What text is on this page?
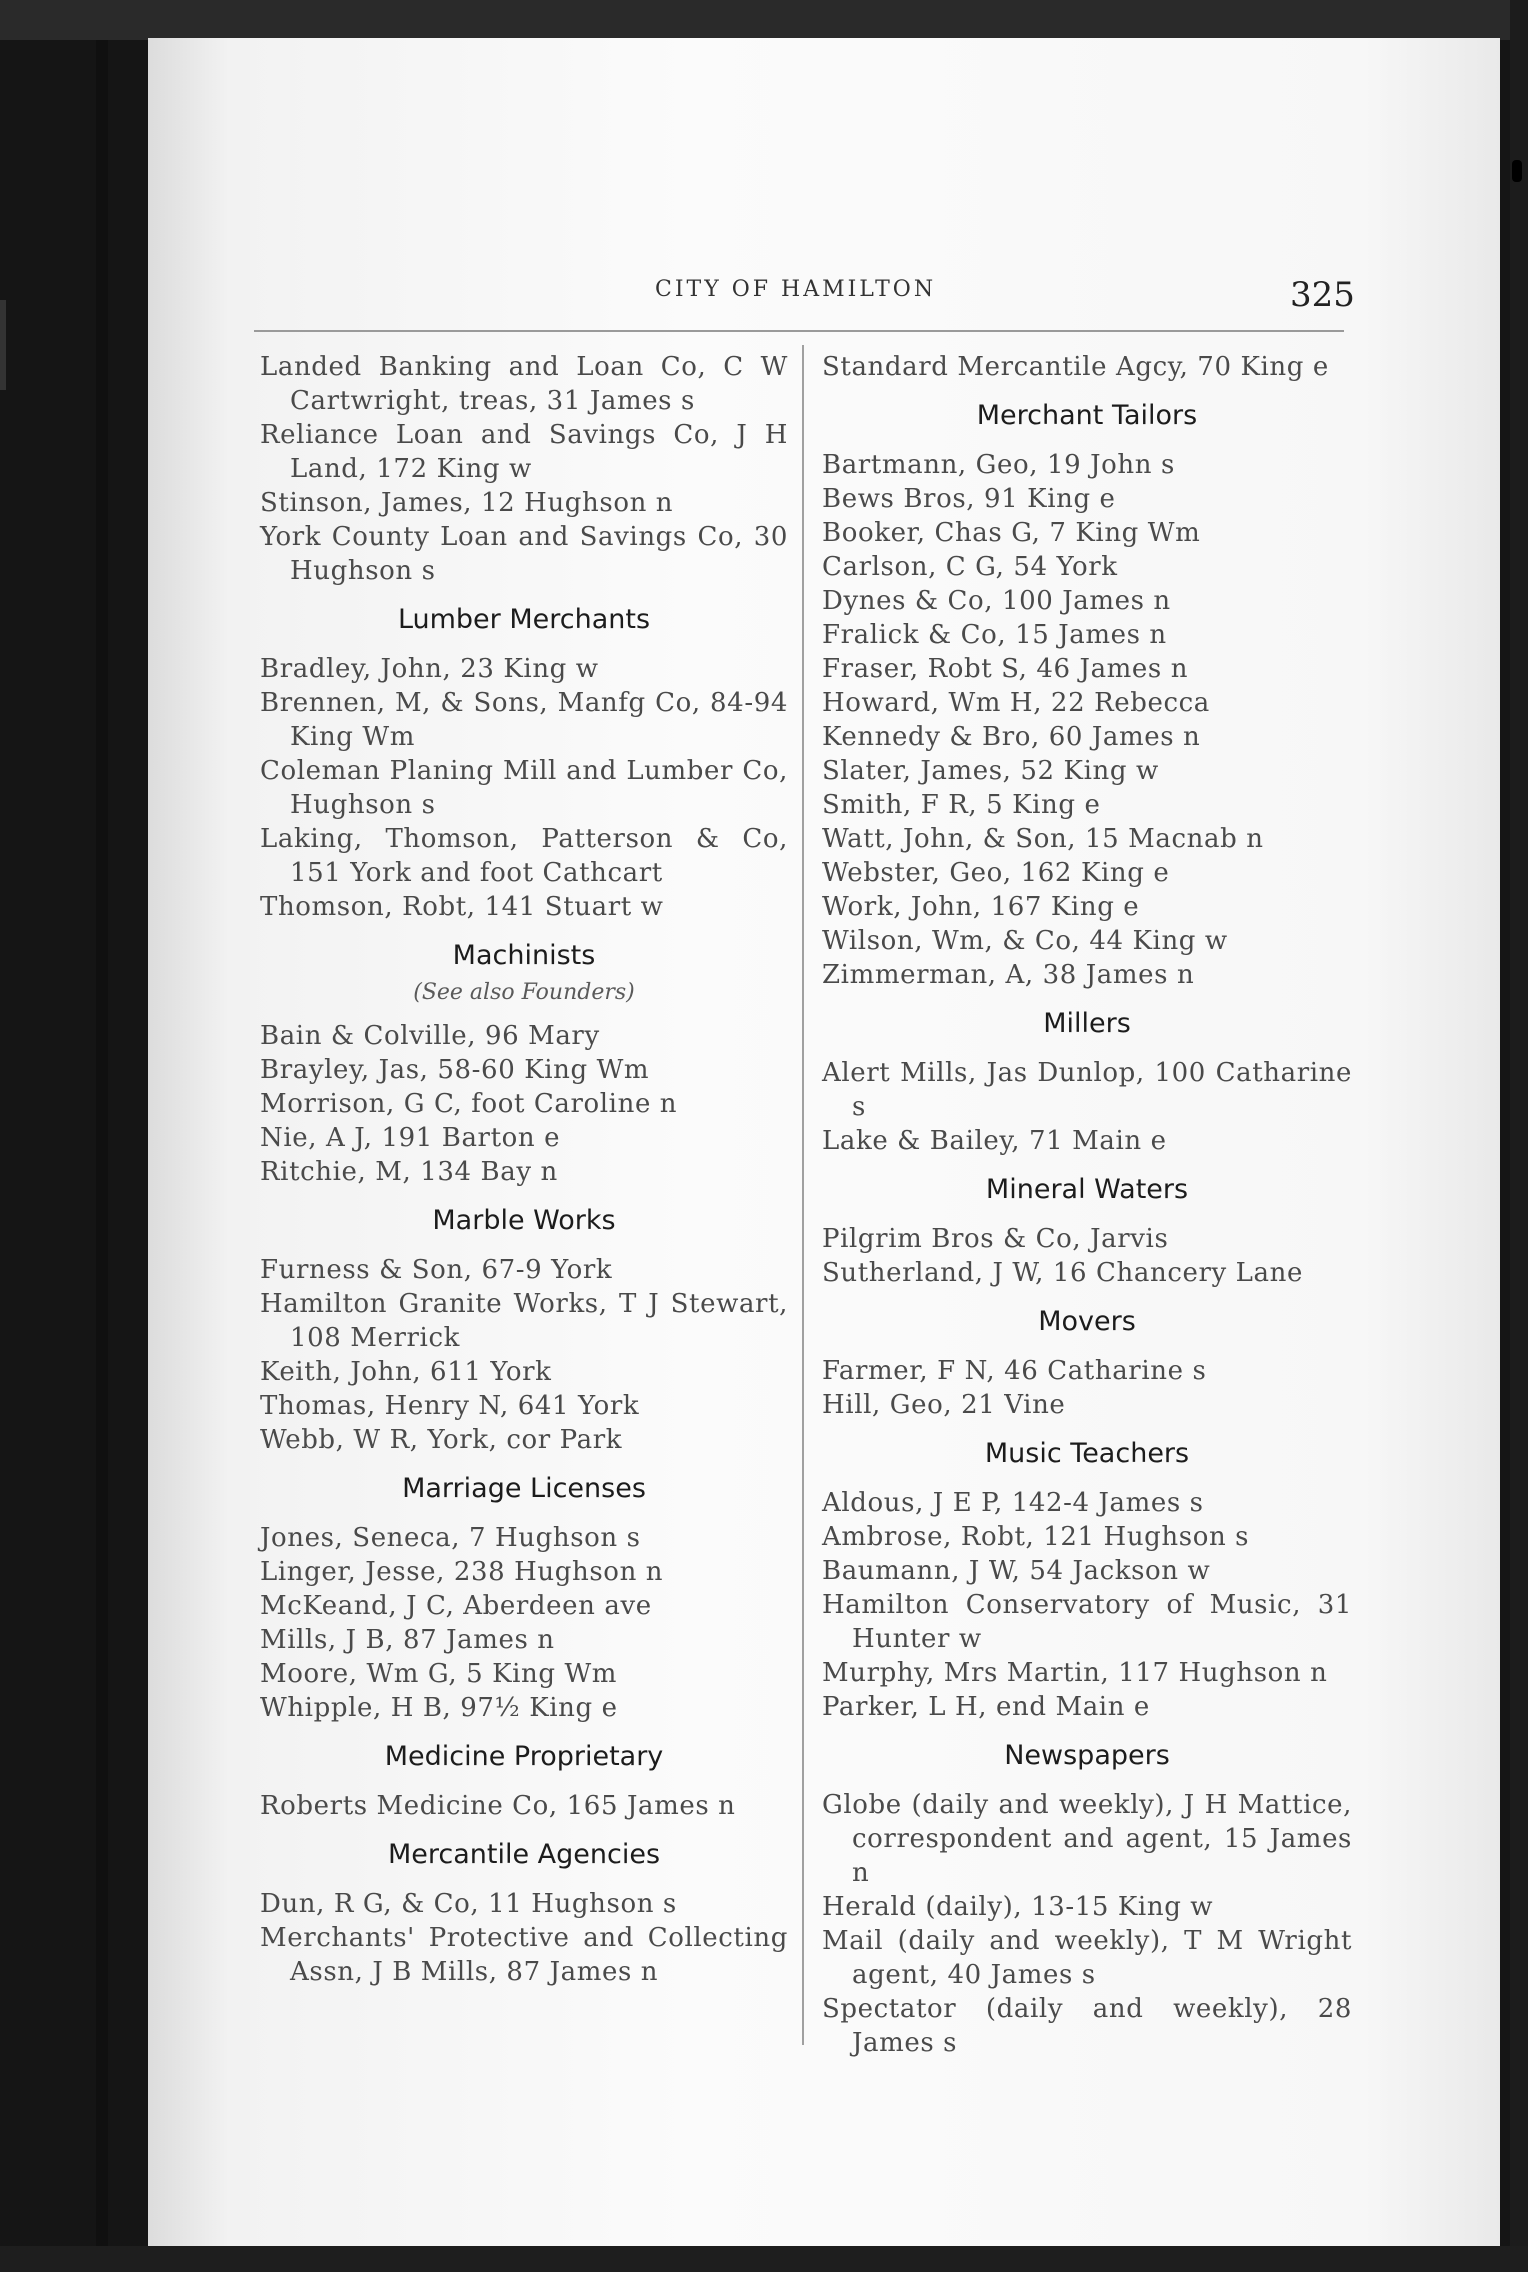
CITY OF HAMILTON	325
Landed Banking and Loan Co, C W Cartwright, treas, 31 James s
Reliance Loan and Savings Co, J H Land, 172 King w
Stinson, James, 12 Hughson n
York County Loan and Savings Co, 30 Hughson s
Lumber Merchants
Bradley, John, 23 King w
Brennen, M, & Sons, Manfg Co, 84-94 King Wm
Coleman Planing Mill and Lumber Co, Hughson s
Laking, Thomson, Patterson & Co, 151 York and foot Cathcart
Thomson, Robt, 141 Stuart w
Machinists
(See also Founders)
Bain & Colville, 96 Mary
Brayley, Jas, 58-60 King Wm
Morrison, G C, foot Caroline n
Nie, A J, 191 Barton e
Ritchie, M, 134 Bay n
Marble Works
Furness & Son, 67-9 York
Hamilton Granite Works, T J Stewart, 108 Merrick
Keith, John, 611 York
Thomas, Henry N, 641 York
Webb, W R, York, cor Park
Marriage Licenses
Jones, Seneca, 7 Hughson s
Linger, Jesse, 238 Hughson n
McKeand, J C, Aberdeen ave
Mills, J B, 87 James n
Moore, Wm G, 5 King Wm
Whipple, H B, 97½ King e
Medicine Proprietary
Roberts Medicine Co, 165 James n
Mercantile Agencies
Dun, R G, & Co, 11 Hughson s
Merchants' Protective and Collecting Assn, J B Mills, 87 James n
Standard Mercantile Agcy, 70 King e
Merchant Tailors
Bartmann, Geo, 19 John s
Bews Bros, 91 King e
Booker, Chas G, 7 King Wm
Carlson, C G, 54 York
Dynes & Co, 100 James n
Fralick & Co, 15 James n
Fraser, Robt S, 46 James n
Howard, Wm H, 22 Rebecca
Kennedy & Bro, 60 James n
Slater, James, 52 King w
Smith, F R, 5 King e
Watt, John, & Son, 15 Macnab n
Webster, Geo, 162 King e
Work, John, 167 King e
Wilson, Wm, & Co, 44 King w
Zimmerman, A, 38 James n
Millers
Alert Mills, Jas Dunlop, 100 Catharine s
Lake & Bailey, 71 Main e
Mineral Waters
Pilgrim Bros & Co, Jarvis
Sutherland, J W, 16 Chancery Lane
Movers
Farmer, F N, 46 Catharine s
Hill, Geo, 21 Vine
Music Teachers
Aldous, J E P, 142-4 James s
Ambrose, Robt, 121 Hughson s
Baumann, J W, 54 Jackson w
Hamilton Conservatory of Music, 31 Hunter w
Murphy, Mrs Martin, 117 Hughson n
Parker, L H, end Main e
Newspapers
Globe (daily and weekly), J H Mattice, correspondent and agent, 15 James n
Herald (daily), 13-15 King w
Mail (daily and weekly), T M Wright agent, 40 James s
Spectator (daily and weekly), 28 James s
